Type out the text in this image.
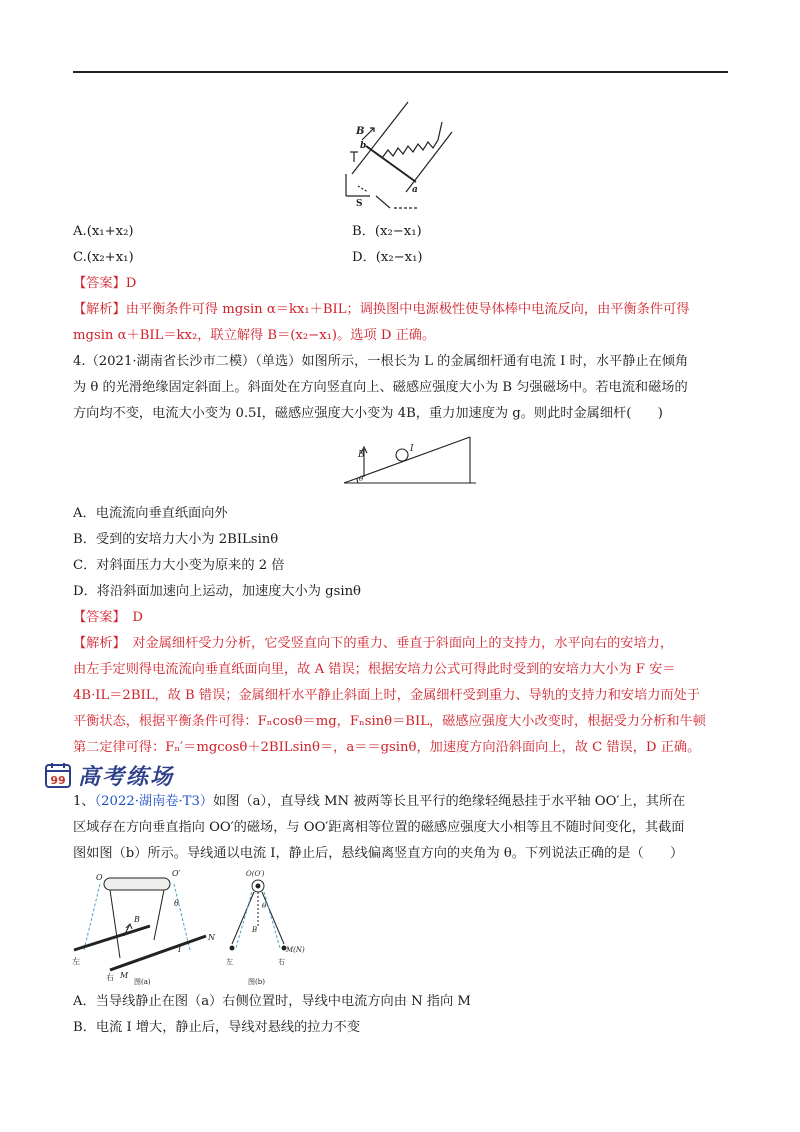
B
b
a
S
A.(x₁+x₂)	B．(x₂−x₁)
C.(x₂+x₁)	D．(x₂−x₁)
【答案】D
【解析】由平衡条件可得 mgsin α＝kx₁＋BIL；调换图中电源极性使导体棒中电流反向，由平衡条件可得
mgsin α＋BIL＝kx₂，联立解得 B＝(x₂−x₁)。选项 D 正确。
4.（2021·湖南省长沙市二模）（单选）如图所示，一根长为 L 的金属细杆通有电流 I 时，水平静止在倾角
为 θ 的光滑绝缘固定斜面上。斜面处在方向竖直向上、磁感应强度大小为 B 匀强磁场中。若电流和磁场的
方向均不变，电流大小变为 0.5I，磁感应强度大小变为 4B，重力加速度为 g。则此时金属细杆(　　)
B
I
θ
A．电流流向垂直纸面向外
B．受到的安培力大小为 2BILsinθ
C．对斜面压力大小变为原来的 2 倍
D．将沿斜面加速向上运动，加速度大小为 gsinθ
【答案】　D
【解析】　对金属细杆受力分析，它受竖直向下的重力、垂直于斜面向上的支持力，水平向右的安培力，
由左手定则得电流流向垂直纸面向里，故 A 错误；根据安培力公式可得此时受到的安培力大小为 F 安＝
4B·IL＝2BIL，故 B 错误；金属细杆水平静止斜面上时，金属细杆受到重力、导轨的支持力和安培力而处于
平衡状态，根据平衡条件可得：Fₙcosθ＝mg，Fₙsinθ＝BIL，磁感应强度大小改变时，根据受力分析和牛顿
第二定律可得：Fₙ′＝mgcosθ＋2BILsinθ＝，a＝＝gsinθ，加速度方向沿斜面向上，故 C 错误，D 正确。
99 高考练场
1、（2022·湖南卷·T3）如图（a），直导线 MN 被两等长且平行的绝缘轻绳悬挂于水平轴 OO′上，其所在
区域存在方向垂直指向 OO′的磁场，与 OO′距离相等位置的磁感应强度大小相等且不随时间变化，其截面
图如图（b）所示。导线通以电流 I，静止后，悬线偏离竖直方向的夹角为 θ。下列说法正确的是（　　）
O	O′
B
θ
I
N
M
左
右	图(a)
O(O′)
θ
B
M(N)
左	右
图(b)
A．当导线静止在图（a）右侧位置时，导线中电流方向由 N 指向 M
B．电流 I 增大，静止后，导线对悬线的拉力不变
